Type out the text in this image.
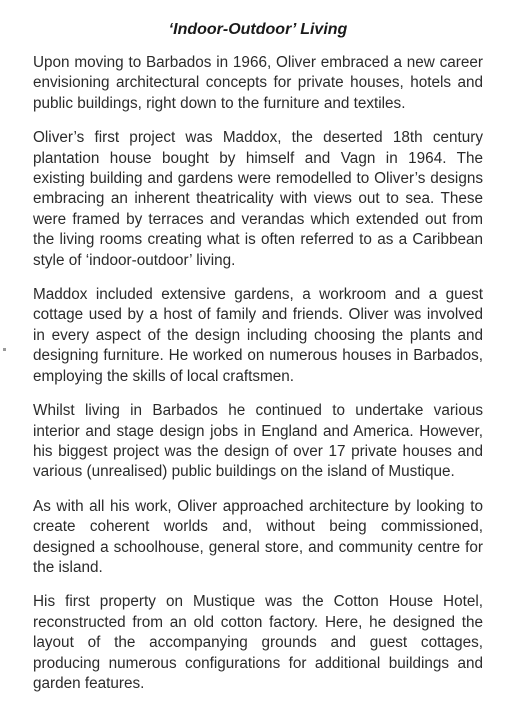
‘Indoor-Outdoor’ Living

Upon moving to Barbados in 1966, Oliver embraced a new career envisioning architectural concepts for private houses, hotels and public buildings, right down to the furniture and textiles.

Oliver’s first project was Maddox, the deserted 18th century plantation house bought by himself and Vagn in 1964. The existing building and gardens were remodelled to Oliver’s designs embracing an inherent theatricality with views out to sea. These were framed by terraces and verandas which extended out from the living rooms creating what is often referred to as a Caribbean style of ‘indoor-outdoor’ living.

Maddox included extensive gardens, a workroom and a guest cottage used by a host of family and friends. Oliver was involved in every aspect of the design including choosing the plants and designing furniture. He worked on numerous houses in Barbados, employing the skills of local craftsmen.

Whilst living in Barbados he continued to undertake various interior and stage design jobs in England and America. However, his biggest project was the design of over 17 private houses and various (unrealised) public buildings on the island of Mustique.

As with all his work, Oliver approached architecture by looking to create coherent worlds and, without being commissioned, designed a schoolhouse, general store, and community centre for the island.

His first property on Mustique was the Cotton House Hotel, reconstructed from an old cotton factory. Here, he designed the layout of the accompanying grounds and guest cottages, producing numerous configurations for additional buildings and garden features.
